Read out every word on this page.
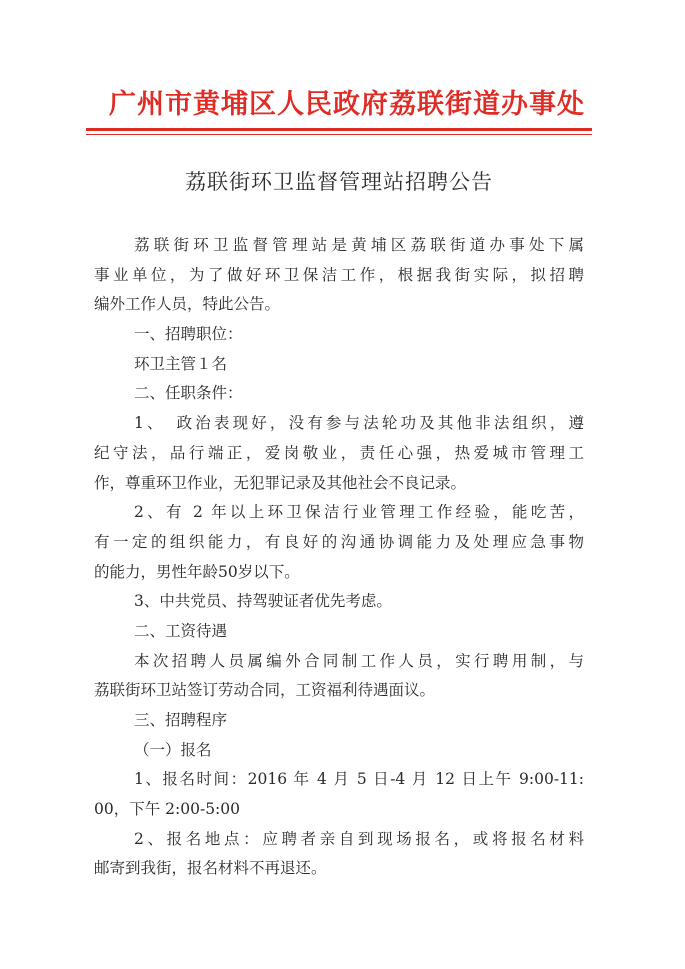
广州市黄埔区人民政府荔联街道办事处
荔联街环卫监督管理站招聘公告
荔联街环卫监督管理站是黄埔区荔联街道办事处下属
事业单位，为了做好环卫保洁工作，根据我街实际，拟招聘
编外工作人员，特此公告。
一、招聘职位：
环卫主管１名
二、任职条件：
1、　政治表现好，没有参与法轮功及其他非法组织，遵
纪守法，品行端正，爱岗敬业，责任心强，热爱城市管理工
作，尊重环卫作业，无犯罪记录及其他社会不良记录。
2、有 2 年以上环卫保洁行业管理工作经验，能吃苦，
有一定的组织能力，有良好的沟通协调能力及处理应急事物
的能力，男性年龄50岁以下。
3、中共党员、持驾驶证者优先考虑。
二、工资待遇
本次招聘人员属编外合同制工作人员，实行聘用制，与
荔联街环卫站签订劳动合同，工资福利待遇面议。
三、招聘程序
（一）报名
1、报名时间：2016 年 4 月 5 日-4 月 12 日上午 9:00-11:
00，下午 2:00-5:00
2、报名地点：应聘者亲自到现场报名，或将报名材料
邮寄到我街，报名材料不再退还。
